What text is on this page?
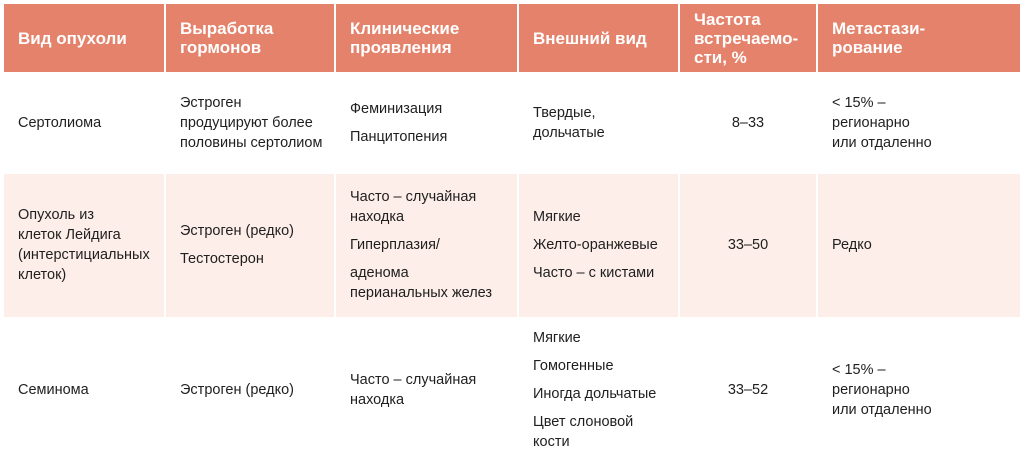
Вид опухоли	Выработка
гормонов	Клинические
проявления	Внешний вид	Частота
встречаемо-
сти, %	Метастази-
рование

Сертолиома	Эстроген
продуцируют более
половины сертолиом	Феминизация
Панцитопения	Твердые,
дольчатые	8–33	< 15% –
регионарно
или отдаленно

Опухоль из
клеток Лейдига
(интерстициальных
клеток)	Эстроген (редко)
Тестостерон	Часто – случайная
находка
Гиперплазия/
аденома
перианальных желез	Мягкие
Желто-оранжевые
Часто – с кистами	33–50	Редко

Семинома	Эстроген (редко)	Часто – случайная
находка	Мягкие
Гомогенные
Иногда дольчатые
Цвет слоновой
кости	33–52	< 15% –
регионарно
или отдаленно
